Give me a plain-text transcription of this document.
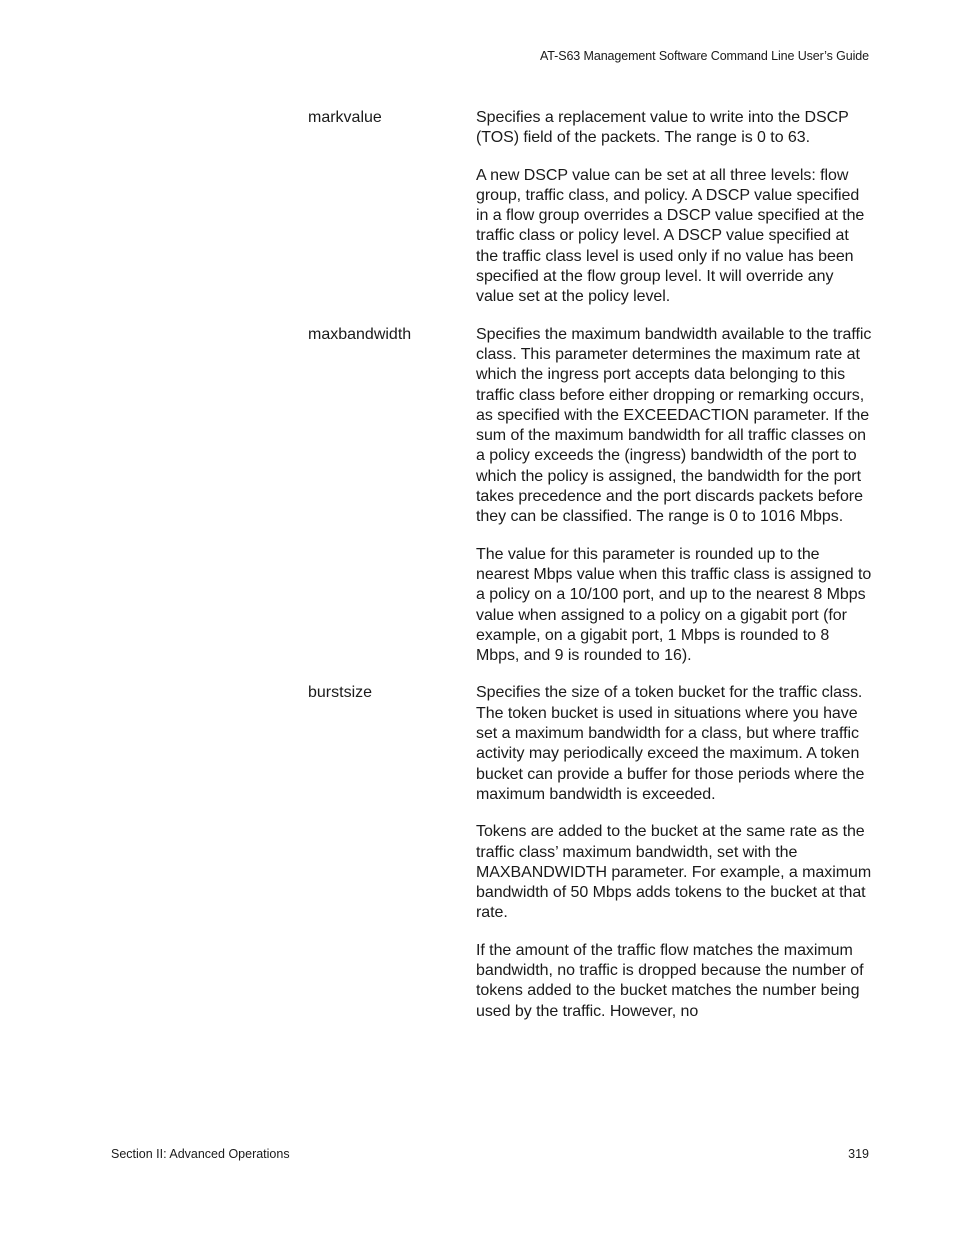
AT-S63 Management Software Command Line User’s Guide
markvalue	Specifies a replacement value to write into the DSCP (TOS) field of the packets. The range is 0 to 63.

A new DSCP value can be set at all three levels: flow group, traffic class, and policy. A DSCP value specified in a flow group overrides a DSCP value specified at the traffic class or policy level. A DSCP value specified at the traffic class level is used only if no value has been specified at the flow group level. It will override any value set at the policy level.

maxbandwidth	Specifies the maximum bandwidth available to the traffic class. This parameter determines the maximum rate at which the ingress port accepts data belonging to this traffic class before either dropping or remarking occurs, as specified with the EXCEEDACTION parameter. If the sum of the maximum bandwidth for all traffic classes on a policy exceeds the (ingress) bandwidth of the port to which the policy is assigned, the bandwidth for the port takes precedence and the port discards packets before they can be classified. The range is 0 to 1016 Mbps.

The value for this parameter is rounded up to the nearest Mbps value when this traffic class is assigned to a policy on a 10/100 port, and up to the nearest 8 Mbps value when assigned to a policy on a gigabit port (for example, on a gigabit port, 1 Mbps is rounded to 8 Mbps, and 9 is rounded to 16).

burstsize	Specifies the size of a token bucket for the traffic class. The token bucket is used in situations where you have set a maximum bandwidth for a class, but where traffic activity may periodically exceed the maximum. A token bucket can provide a buffer for those periods where the maximum bandwidth is exceeded.

Tokens are added to the bucket at the same rate as the traffic class’ maximum bandwidth, set with the MAXBANDWIDTH parameter. For example, a maximum bandwidth of 50 Mbps adds tokens to the bucket at that rate.

If the amount of the traffic flow matches the maximum bandwidth, no traffic is dropped because the number of tokens added to the bucket matches the number being used by the traffic. However, no

Section II: Advanced Operations	319
